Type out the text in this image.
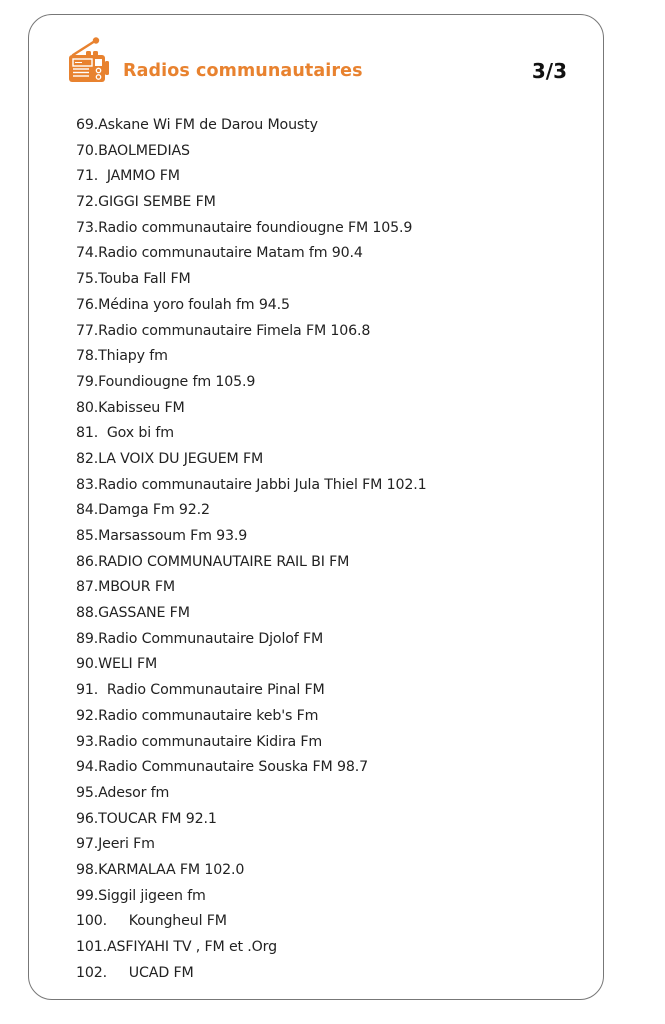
Radios communautaires	3/3
69.Askane Wi FM de Darou Mousty
70.BAOLMEDIAS
71.  JAMMO FM
72.GIGGI SEMBE FM
73.Radio communautaire foundiougne FM 105.9
74.Radio communautaire Matam fm 90.4
75.Touba Fall FM
76.Médina yoro foulah fm 94.5
77.Radio communautaire Fimela FM 106.8
78.Thiapy fm
79.Foundiougne fm 105.9
80.Kabisseu FM
81.  Gox bi fm
82.LA VOIX DU JEGUEM FM
83.Radio communautaire Jabbi Jula Thiel FM 102.1
84.Damga Fm 92.2
85.Marsassoum Fm 93.9
86.RADIO COMMUNAUTAIRE RAIL BI FM
87.MBOUR FM
88.GASSANE FM
89.Radio Communautaire Djolof FM
90.WELI FM
91.  Radio Communautaire Pinal FM
92.Radio communautaire keb's Fm
93.Radio communautaire Kidira Fm
94.Radio Communautaire Souska FM 98.7
95.Adesor fm
96.TOUCAR FM 92.1
97.Jeeri Fm
98.KARMALAA FM 102.0
99.Siggil jigeen fm
100.     Koungheul FM
101.ASFIYAHI TV , FM et .Org
102.     UCAD FM
